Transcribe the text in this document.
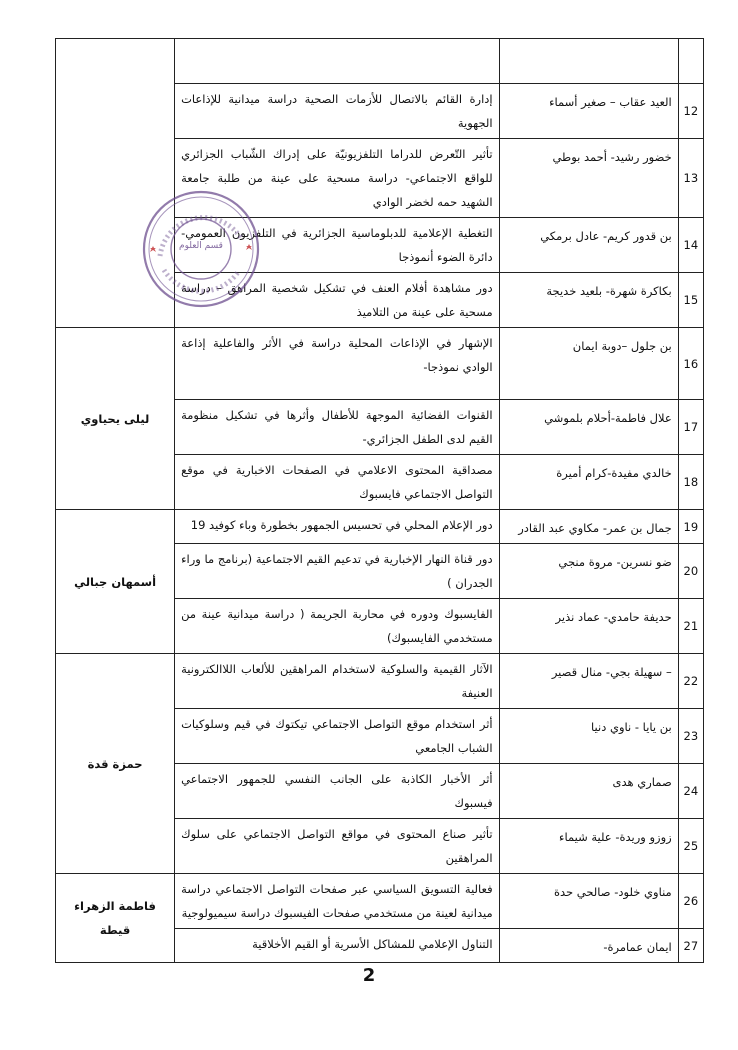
12	العيد عقاب – صغير أسماء	إدارة القائم بالاتصال للأزمات الصحية دراسة ميدانية للإذاعات الجهوية	
13	خضور رشيد- أحمد بوطي	تأثير التّعرض للدراما التلفزيونيّة على إدراك الشّباب الجزائري للواقع الاجتماعي- دراسة مسحية على عينة من طلبة جامعة الشهيد حمه لخضر الوادي	
14	بن قدور كريم- عادل برمكي	التغطية الإعلامية للدبلوماسية الجزائرية في التلفزيون العمومي-دائرة الضوء أنموذجا	
15	بكاكرة شهرة- بلعيد خديجة	دور مشاهدة أفلام العنف في تشكيل شخصية المراهق – دراسة مسحية على عينة من التلاميذ	
16	بن جلول –دوبة ايمان	الإشهار في الإذاعات المحلية دراسة في الأثر والفاعلية إذاعة الوادي نموذجا-	ليلى يحياوي
17	علال فاطمة-أحلام بلموشي	القنوات الفضائية الموجهة للأطفال وأثرها في تشكيل منظومة القيم لدى الطفل الجزائري-	
18	خالدي مفيدة-كرام أميرة	مصداقية المحتوى الاعلامي في الصفحات الاخبارية في موقع التواصل الاجتماعي فايسبوك	
19	جمال بن عمر- مكاوي عبد القادر	دور الإعلام المحلي في تحسيس الجمهور بخطورة وباء كوفيد 19	أسمهان جبالي
20	ضو نسرين- مروة منجي	دور قناة النهار الإخبارية في تدعيم القيم الاجتماعية (برنامج ما وراء الجدران )	
21	حديفة حامدي- عماد نذير	الفايسبوك ودوره في محاربة الجريمة ( دراسة ميدانية عينة من مستخدمي الفايسبوك)	
22	– سهيلة بجي- منال قصير	الآثار القيمية والسلوكية لاستخدام المراهقين للألعاب اللاالكترونية العنيفة	حمزة قدة
23	بن يايا - ناوي دنيا	أثر استخدام موقع التواصل الاجتماعي تيكتوك في قيم وسلوكيات الشباب الجامعي	
24	صماري هدى	أثر الأخبار الكاذبة على الجانب النفسي للجمهور الاجتماعي فيسبوك	
25	زوزو وريدة- علية شيماء	تأثير صناع المحتوى في مواقع التواصل الاجتماعي على سلوك المراهقين	
26	مناوي خلود- صالحي حدة	فعالية التسويق السياسي عبر صفحات التواصل الاجتماعي دراسة ميدانية لعينة من مستخدمي صفحات الفيسبوك دراسة سيميولوجية	فاطمة الزهراء قيطة
27	ايمان عمامرة-	التناول الإعلامي للمشاكل الأسرية أو القيم الأخلاقية	
قسم العلوم
2
